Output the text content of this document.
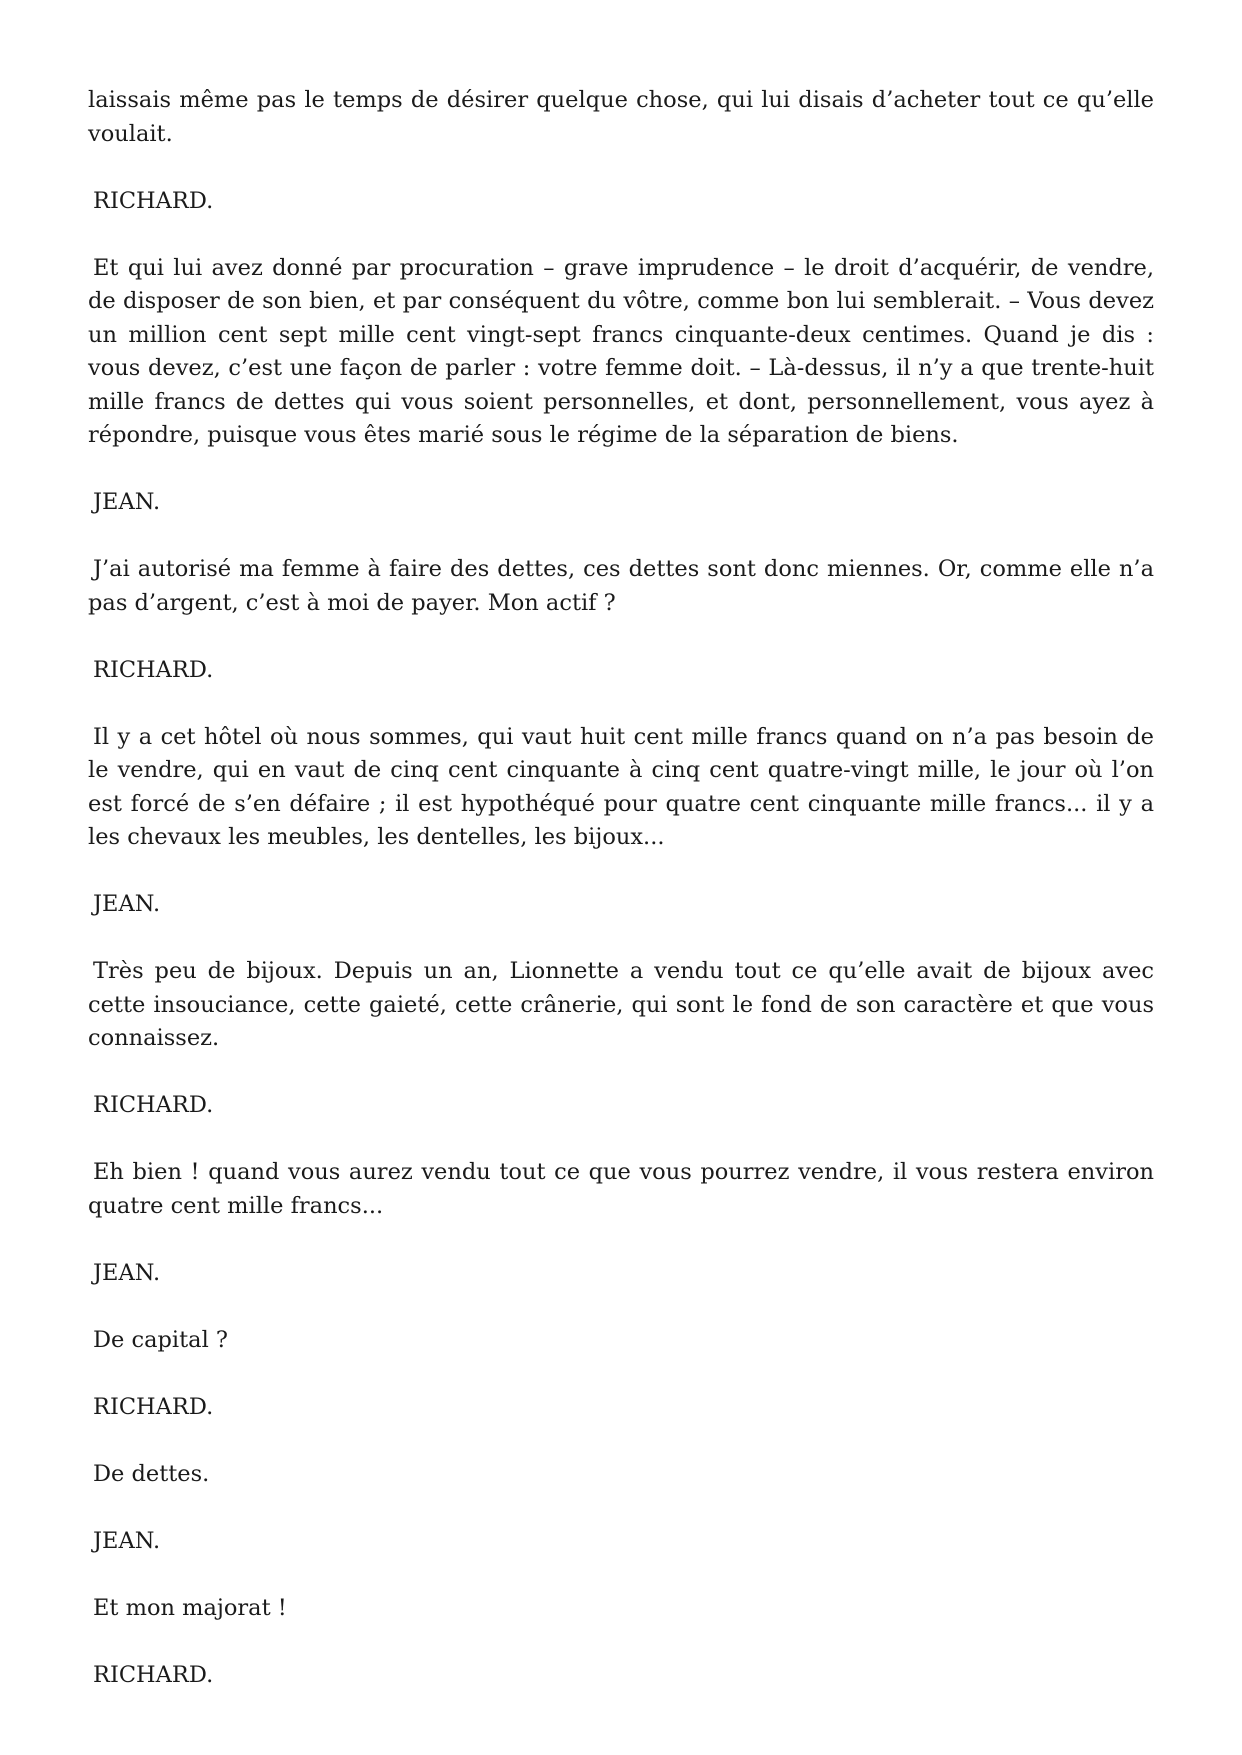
laissais même pas le temps de désirer quelque chose, qui lui disais d’acheter tout ce qu’elle voulait.

RICHARD.

Et qui lui avez donné par procuration – grave imprudence – le droit d’acquérir, de vendre, de disposer de son bien, et par conséquent du vôtre, comme bon lui semblerait. – Vous devez un million cent sept mille cent vingt-sept francs cinquante-deux centimes. Quand je dis : vous devez, c’est une façon de parler : votre femme doit. – Là-dessus, il n’y a que trente-huit mille francs de dettes qui vous soient personnelles, et dont, personnellement, vous ayez à répondre, puisque vous êtes marié sous le régime de la séparation de biens.

JEAN.

J’ai autorisé ma femme à faire des dettes, ces dettes sont donc miennes. Or, comme elle n’a pas d’argent, c’est à moi de payer. Mon actif ?

RICHARD.

Il y a cet hôtel où nous sommes, qui vaut huit cent mille francs quand on n’a pas besoin de le vendre, qui en vaut de cinq cent cinquante à cinq cent quatre-vingt mille, le jour où l’on est forcé de s’en défaire ; il est hypothéqué pour quatre cent cinquante mille francs... il y a les chevaux les meubles, les dentelles, les bijoux...

JEAN.

Très peu de bijoux. Depuis un an, Lionnette a vendu tout ce qu’elle avait de bijoux avec cette insouciance, cette gaieté, cette crânerie, qui sont le fond de son caractère et que vous connaissez.

RICHARD.

Eh bien ! quand vous aurez vendu tout ce que vous pourrez vendre, il vous restera environ quatre cent mille francs...

JEAN.

De capital ?

RICHARD.

De dettes.

JEAN.

Et mon majorat !

RICHARD.
